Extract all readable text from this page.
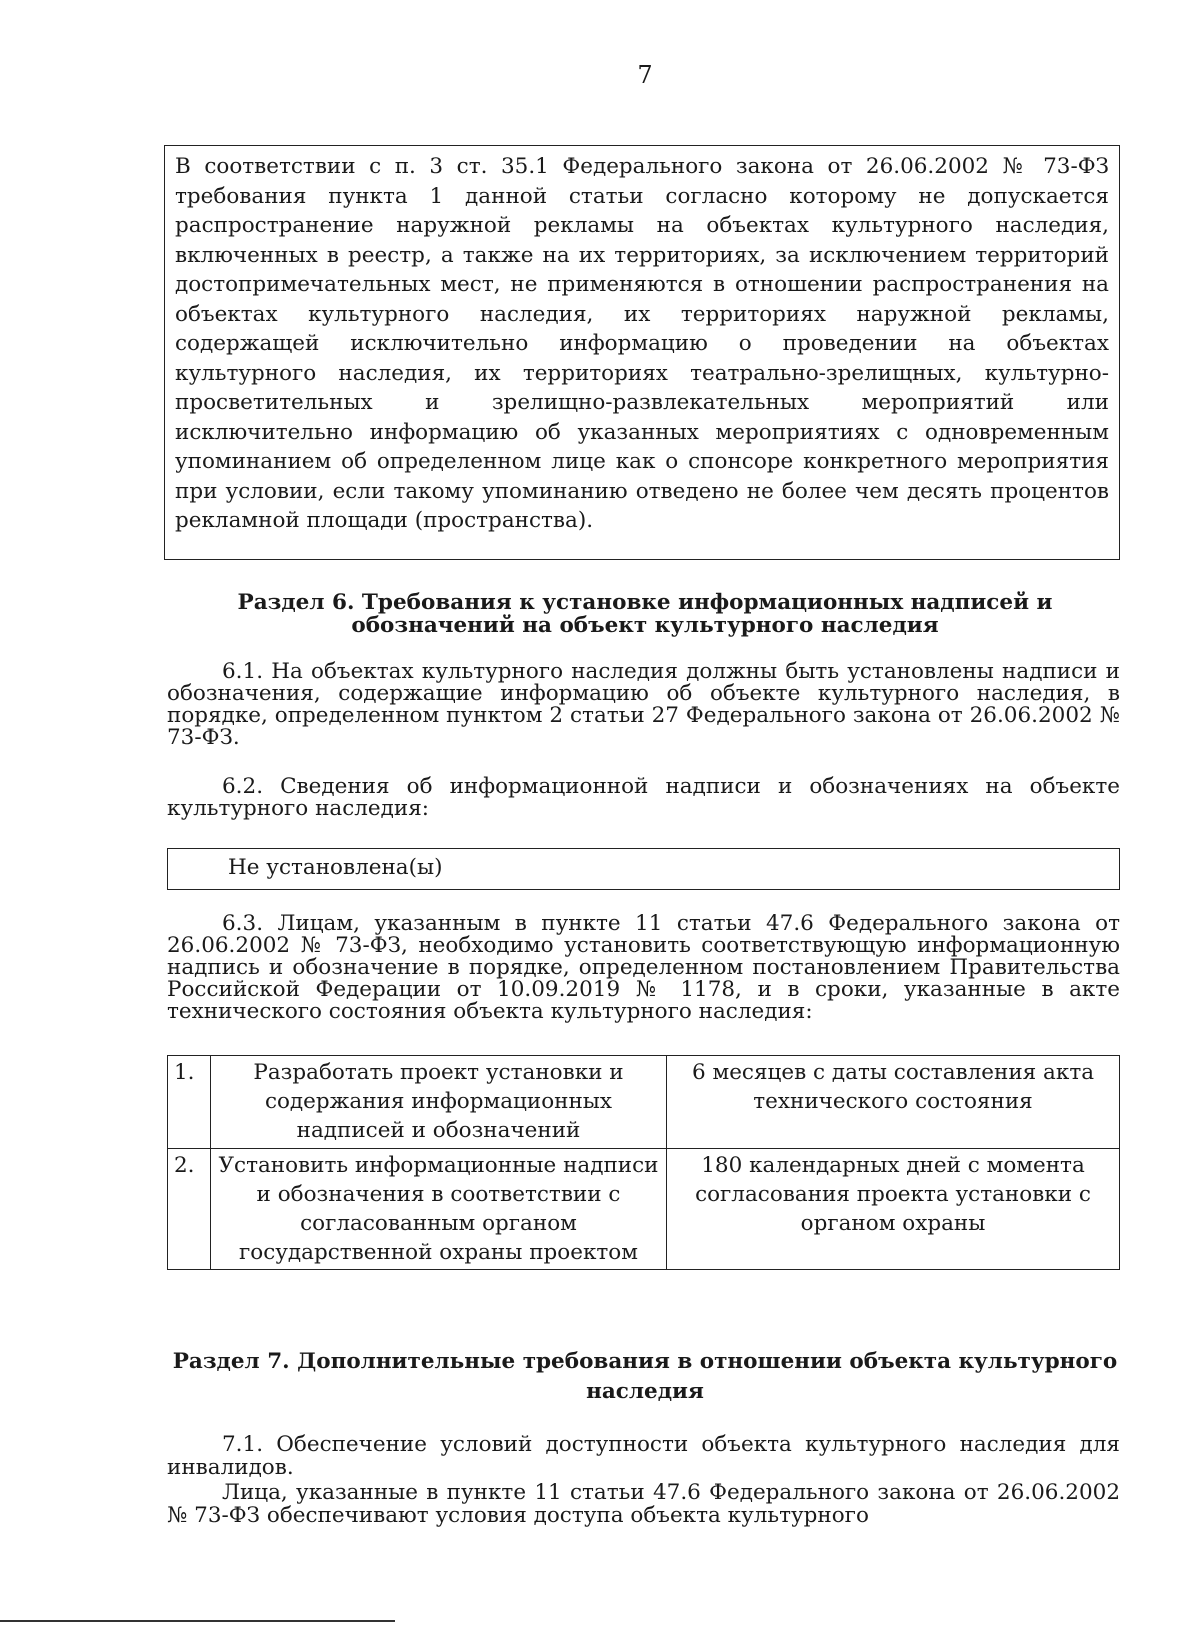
7

В соответствии с п. 3 ст. 35.1 Федерального закона от 26.06.2002 № 73-ФЗ требования пункта 1 данной статьи согласно которому не допускается распространение наружной рекламы на объектах культурного наследия, включенных в реестр, а также на их территориях, за исключением территорий достопримечательных мест, не применяются в отношении распространения на объектах культурного наследия, их территориях наружной рекламы, содержащей исключительно информацию о проведении на объектах культурного наследия, их территориях театрально-зрелищных, культурно-просветительных и зрелищно-развлекательных мероприятий или исключительно информацию об указанных мероприятиях с одновременным упоминанием об определенном лице как о спонсоре конкретного мероприятия при условии, если такому упоминанию отведено не более чем десять процентов рекламной площади (пространства).

Раздел 6. Требования к установке информационных надписей и обозначений на объект культурного наследия

6.1. На объектах культурного наследия должны быть установлены надписи и обозначения, содержащие информацию об объекте культурного наследия, в порядке, определенном пунктом 2 статьи 27 Федерального закона от 26.06.2002 № 73-ФЗ.

6.2. Сведения об информационной надписи и обозначениях на объекте культурного наследия:

Не установлена(ы)

6.3. Лицам, указанным в пункте 11 статьи 47.6 Федерального закона от 26.06.2002 № 73-ФЗ, необходимо установить соответствующую информационную надпись и обозначение в порядке, определенном постановлением Правительства Российской Федерации от 10.09.2019 № 1178, и в сроки, указанные в акте технического состояния объекта культурного наследия:

1.	Разработать проект установки и содержания информационных надписей и обозначений	6 месяцев с даты составления акта технического состояния
2.	Установить информационные надписи и обозначения в соответствии с согласованным органом государственной охраны проектом	180 календарных дней с момента согласования проекта установки с органом охраны
Раздел 7. Дополнительные требования в отношении объекта культурного наследия

7.1. Обеспечение условий доступности объекта культурного наследия для инвалидов.

Лица, указанные в пункте 11 статьи 47.6 Федерального закона от 26.06.2002 № 73-ФЗ обеспечивают условия доступа объекта культурного
